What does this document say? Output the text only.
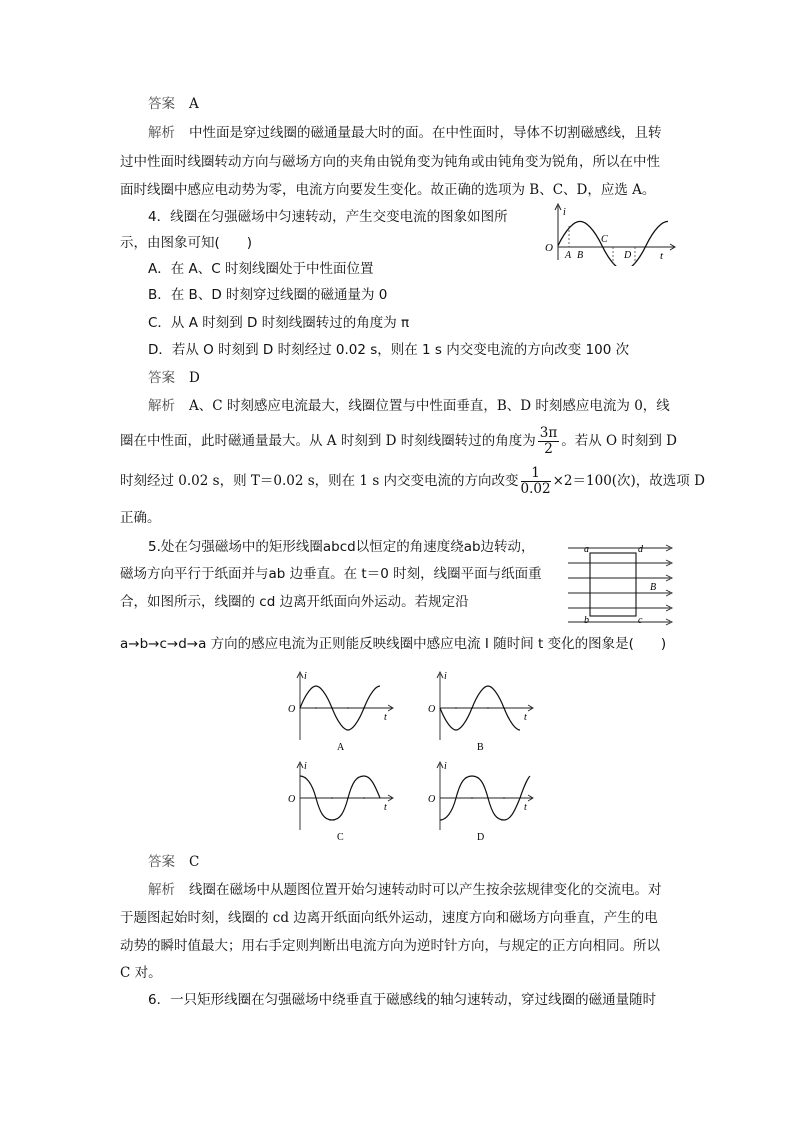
答案 A
解析 中性面是穿过线圈的磁通量最大时的面。在中性面时，导体不切割磁感线，且转
过中性面时线圈转动方向与磁场方向的夹角由锐角变为钝角或由钝角变为锐角，所以在中性
面时线圈中感应电动势为零，电流方向要发生变化。故正确的选项为 B、C、D，应选 A。
4．线圈在匀强磁场中匀速转动，产生交变电流的图象如图所
示，由图象可知(　　)
i
O
t
A B
C
D
A．在 A、C 时刻线圈处于中性面位置
B．在 B、D 时刻穿过线圈的磁通量为 0
C．从 A 时刻到 D 时刻线圈转过的角度为 π
D．若从 O 时刻到 D 时刻经过 0.02 s，则在 1 s 内交变电流的方向改变 100 次
答案 D
解析 A、C 时刻感应电流最大，线圈位置与中性面垂直，B、D 时刻感应电流为 0，线
圈在中性面，此时磁通量最大。从 A 时刻到 D 时刻线圈转过的角度为 $\frac{3\pi}{2}$ 。若从 O 时刻到 D
时刻经过 0.02 s，则 T＝0.02 s，则在 1 s 内交变电流的方向改变 $\frac{1}{0.02} \times 2=100$(次)，故选项 D
正确。
5.处在匀强磁场中的矩形线圈abcd以恒定的角速度绕ab边转动，
磁场方向平行于纸面并与ab 边垂直。在 t＝0 时刻，线圈平面与纸面重
合，如图所示，线圈的 cd 边离开纸面向外运动。若规定沿
a→b→c→d→a 方向的感应电流为正则能反映线圈中感应电流 I 随时间 t 变化的图象是(　　)
a	d
b	c
B
i
O
t
A
i
O
t
B
i
O
t
C
i
O
t
D
答案 C
解析 线圈在磁场中从题图位置开始匀速转动时可以产生按余弦规律变化的交流电。对
于题图起始时刻，线圈的 cd 边离开纸面向纸外运动，速度方向和磁场方向垂直，产生的电
动势的瞬时值最大；用右手定则判断出电流方向为逆时针方向，与规定的正方向相同。所以
C 对。
6．一只矩形线圈在匀强磁场中绕垂直于磁感线的轴匀速转动，穿过线圈的磁通量随时
